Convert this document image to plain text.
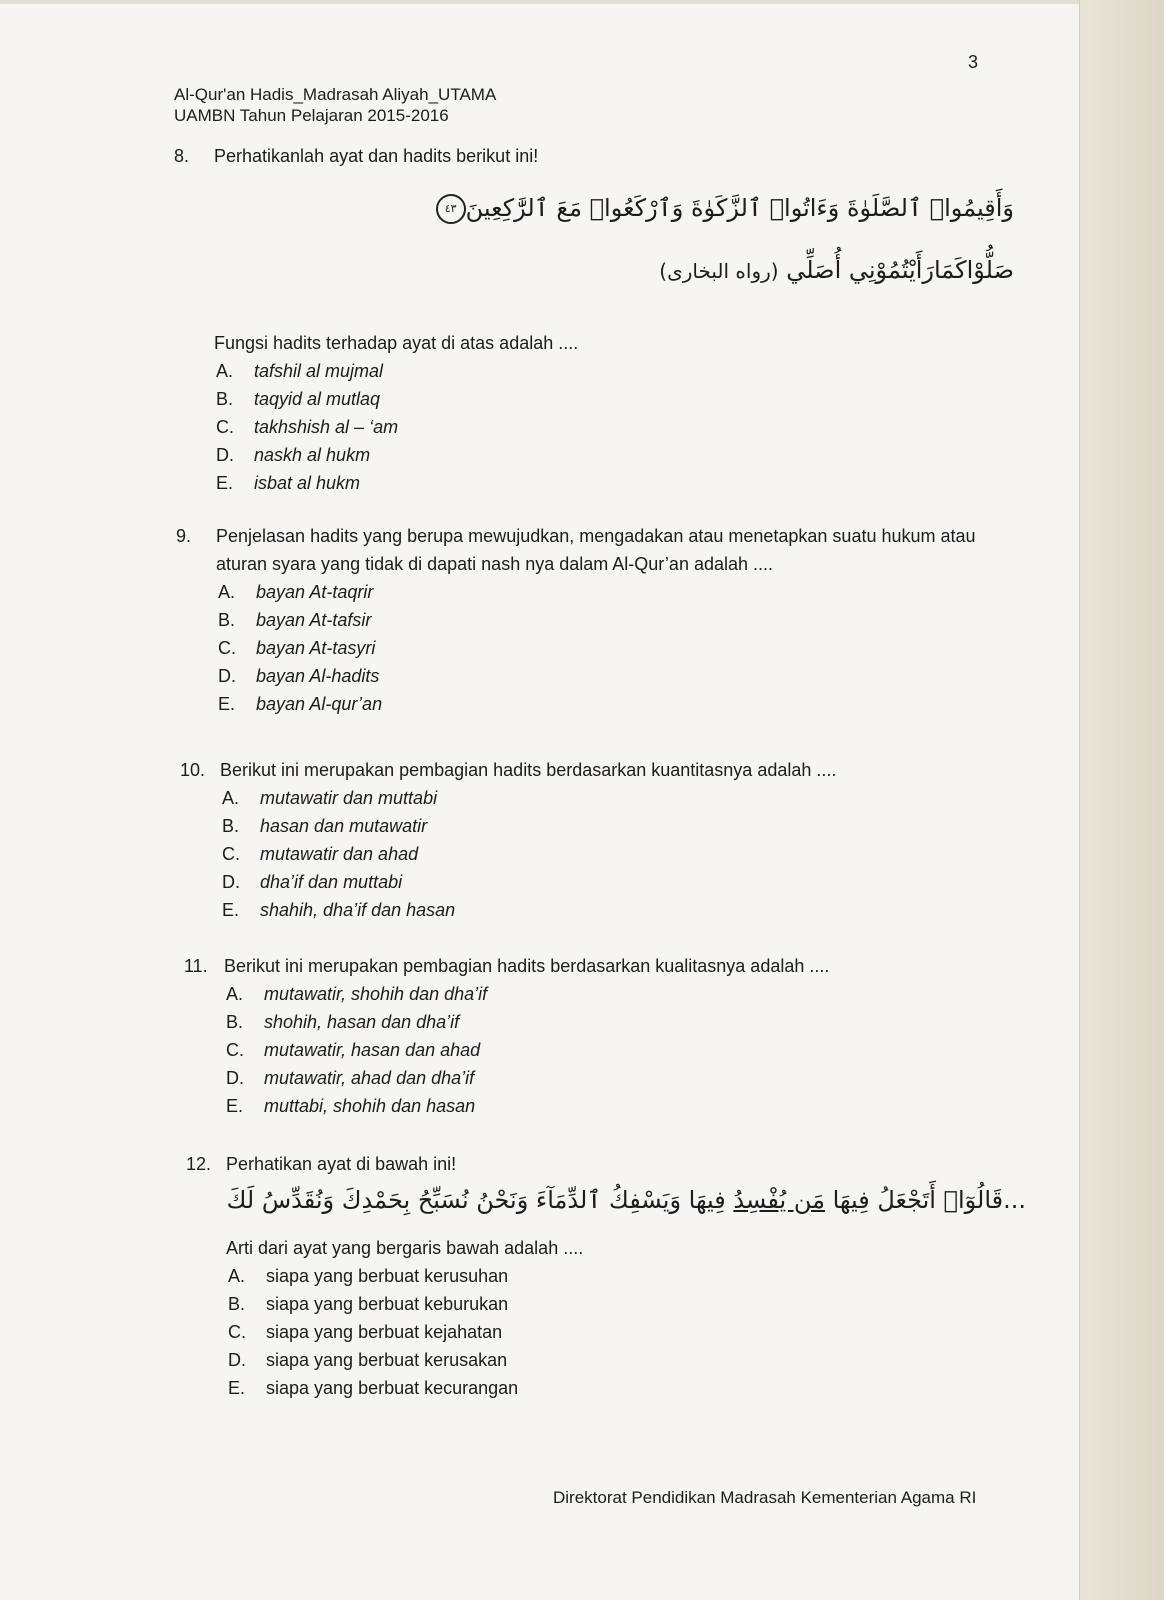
3
Al-Qur'an Hadis_Madrasah Aliyah_UTAMA
UAMBN Tahun Pelajaran 2015-2016
8.	Perhatikanlah ayat dan hadits berikut ini!
وَأَقِيمُوا۟ ٱلصَّلَوٰةَ وَءَاتُوا۟ ٱلزَّكَوٰةَ وَٱرْكَعُوا۟ مَعَ ٱلرَّٰكِعِينَ٤٣
صَلُّوْاكَمَارَأَيْتُمُوْنِي أُصَلِّي (رواه البخارى)
Fungsi hadits terhadap ayat di atas adalah ....
A.	tafshil al mujmal
B.	taqyid al mutlaq
C.	takhshish al – ‘am
D.	naskh al hukm
E.	isbat al hukm
9.	Penjelasan hadits yang berupa mewujudkan, mengadakan atau menetapkan suatu hukum atau aturan syara yang tidak di dapati nash nya dalam Al-Qur’an adalah ....
A.	bayan At-taqrir
B.	bayan At-tafsir
C.	bayan At-tasyri
D.	bayan Al-hadits
E.	bayan Al-qur’an
10. Berikut ini merupakan pembagian hadits berdasarkan kuantitasnya adalah ....
A.	mutawatir dan muttabi
B.	hasan dan mutawatir
C.	mutawatir dan ahad
D.	dha’if dan muttabi
E.	shahih, dha’if dan hasan
11. Berikut ini merupakan pembagian hadits berdasarkan kualitasnya adalah ....
A.	mutawatir, shohih dan dha’if
B.	shohih, hasan dan dha’if
C.	mutawatir, hasan dan ahad
D.	mutawatir, ahad dan dha’if
E.	muttabi, shohih dan hasan
12. Perhatikan ayat di bawah ini!
...قَالُوٓا۟ أَتَجْعَلُ فِيهَا مَن يُفْسِدُ فِيهَا وَيَسْفِكُ ٱلدِّمَآءَ وَنَحْنُ نُسَبِّحُ بِحَمْدِكَ وَنُقَدِّسُ لَكَ
Arti dari ayat yang bergaris bawah adalah ....
A.	siapa yang berbuat kerusuhan
B.	siapa yang berbuat keburukan
C.	siapa yang berbuat kejahatan
D.	siapa yang berbuat kerusakan
E.	siapa yang berbuat kecurangan
Direktorat Pendidikan Madrasah Kementerian Agama RI
